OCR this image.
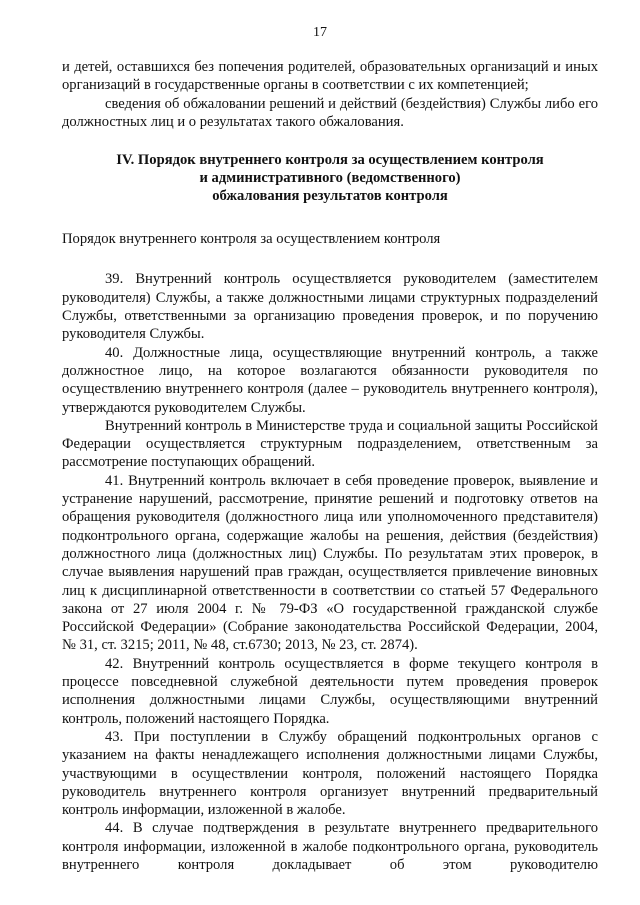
17

и детей, оставшихся без попечения родителей, образовательных организаций и иных организаций в государственные органы в соответствии с их компетенцией;

сведения об обжаловании решений и действий (бездействия) Службы либо его должностных лиц и о результатах такого обжалования.

IV. Порядок внутреннего контроля за осуществлением контроля
и административного (ведомственного)
обжалования результатов контроля

Порядок внутреннего контроля за осуществлением контроля

39. Внутренний контроль осуществляется руководителем (заместителем руководителя) Службы, а также должностными лицами структурных подразделений Службы, ответственными за организацию проведения проверок, и по поручению руководителя Службы.

40. Должностные лица, осуществляющие внутренний контроль, а также должностное лицо, на которое возлагаются обязанности руководителя по осуществлению внутреннего контроля (далее – руководитель внутреннего контроля), утверждаются руководителем Службы.

Внутренний контроль в Министерстве труда и социальной защиты Российской Федерации осуществляется структурным подразделением, ответственным за рассмотрение поступающих обращений.

41. Внутренний контроль включает в себя проведение проверок, выявление и устранение нарушений, рассмотрение, принятие решений и подготовку ответов на обращения руководителя (должностного лица или уполномоченного представителя) подконтрольного органа, содержащие жалобы на решения, действия (бездействия) должностного лица (должностных лиц) Службы. По результатам этих проверок, в случае выявления нарушений прав граждан, осуществляется привлечение виновных лиц к дисциплинарной ответственности в соответствии со статьей 57 Федерального закона от 27 июля 2004 г. № 79-ФЗ «О государственной гражданской службе Российской Федерации» (Собрание законодательства Российской Федерации, 2004, № 31, ст. 3215; 2011, № 48, ст.6730; 2013, № 23, ст. 2874).

42. Внутренний контроль осуществляется в форме текущего контроля в процессе повседневной служебной деятельности путем проведения проверок исполнения должностными лицами Службы, осуществляющими внутренний контроль, положений настоящего Порядка.

43. При поступлении в Службу обращений подконтрольных органов с указанием на факты ненадлежащего исполнения должностными лицами Службы, участвующими в осуществлении контроля, положений настоящего Порядка руководитель внутреннего контроля организует внутренний предварительный контроль информации, изложенной в жалобе.

44. В случае подтверждения в результате внутреннего предварительного контроля информации, изложенной в жалобе подконтрольного органа, руководитель внутреннего контроля докладывает об этом руководителю
